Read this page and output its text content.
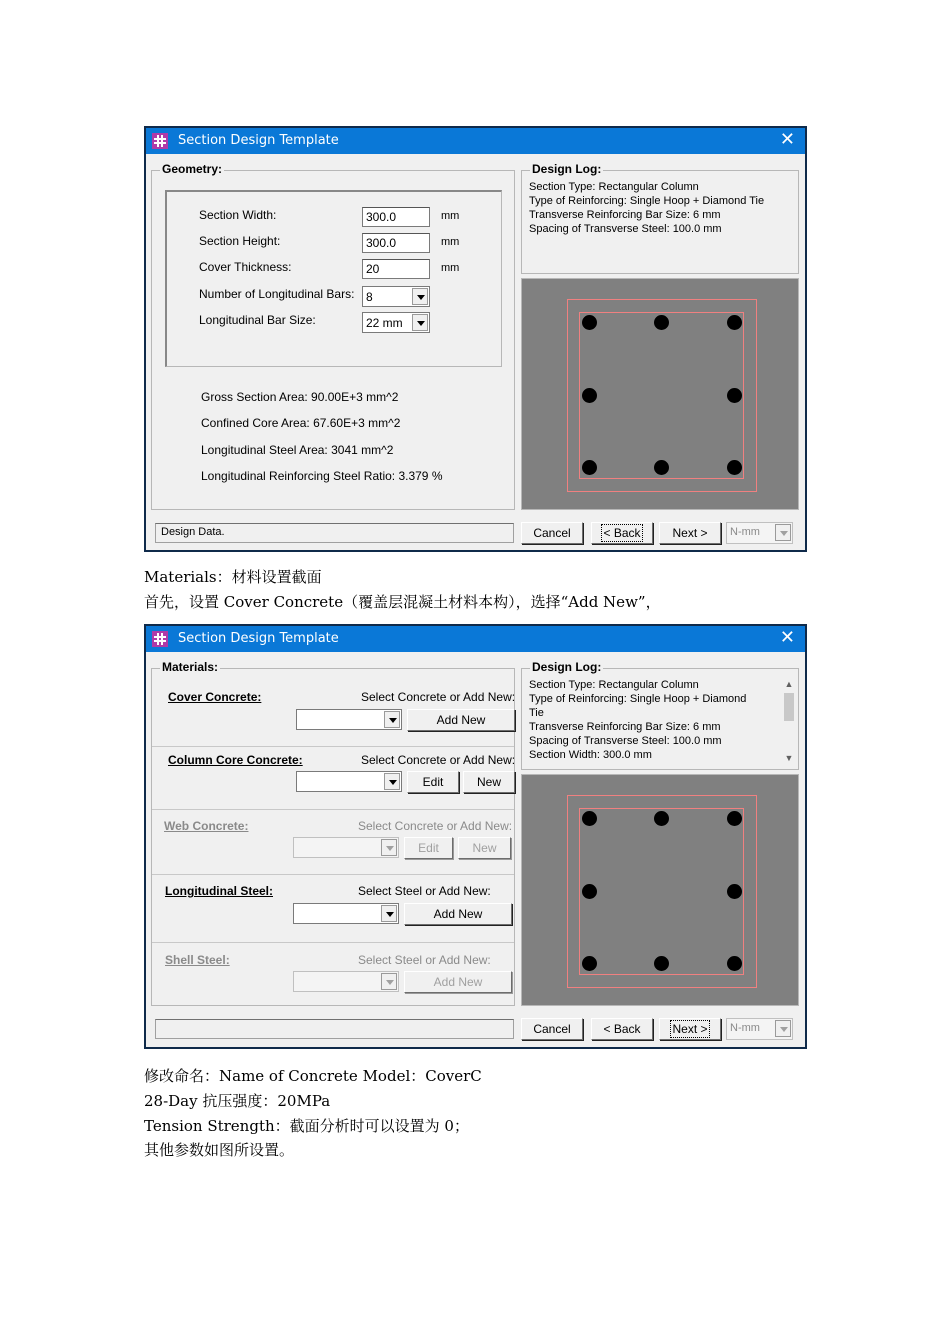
Section Design Template	✕
Geometry:
Section Width:
300.0	mm
Section Height:
300.0	mm
Cover Thickness:
20	mm
Number of Longitudinal Bars: 8
Longitudinal Bar Size:	22 mm
Gross Section Area: 90.00E+3 mm^2
Confined Core Area: 67.60E+3 mm^2
Longitudinal Steel Area: 3041 mm^2
Longitudinal Reinforcing Steel Ratio: 3.379 %
Design Log:
Section Type: Rectangular Column
Type of Reinforcing: Single Hoop + Diamond Tie
Transverse Reinforcing Bar Size: 6 mm
Spacing of Transverse Steel: 100.0 mm
Design Data.	Cancel	< Back	Next >	N-mm
Materials：材料设置截面
首先，设置 Cover Concrete（覆盖层混凝土材料本构），选择“Add New”，
Section Design Template	✕
Materials:
Cover Concrete:	Select Concrete or Add New:
Add New
Column Core Concrete:	Select Concrete or Add New:
Edit	New
Web Concrete:	Select Concrete or Add New:
Edit	New
Longitudinal Steel:	Select Steel or Add New:
Add New
Shell Steel:	Select Steel or Add New:
Add New
Design Log:
Section Type: Rectangular Column
Type of Reinforcing: Single Hoop + Diamond
Tie
Transverse Reinforcing Bar Size: 6 mm
Spacing of Transverse Steel: 100.0 mm
Section Width: 300.0 mm
▲
▼
Cancel	< Back	Next >	N-mm
修改命名：Name of Concrete Model：CoverC
28-Day 抗压强度：20MPa
Tension Strength：截面分析时可以设置为 0；
其他参数如图所设置。
